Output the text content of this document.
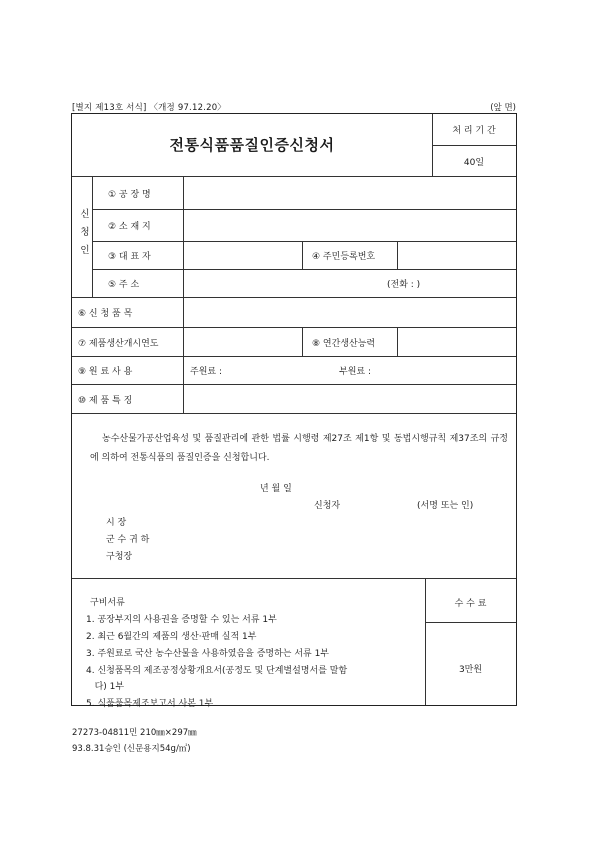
[별지 제13호 서식] 〈개정 97.12.20〉	(앞 면)
전통식품품질인증신청서
처 리 기 간
40일
신 청 인
① 공 장 명
② 소 재 지
③ 대 표 자	④ 주민등록번호
⑤ 주 소	(전화 : )
⑥ 신 청 품 목
⑦ 제품생산개시연도	⑧ 연간생산능력
⑨ 원 료 사 용	주원료 :	부원료 :
⑩ 제 품 특 징
농수산물가공산업육성 및 품질관리에 관한 법률 시행령 제27조 제1항 및 동법시행규칙 제37조의 규정에 의하여 전통식품의 품질인증을 신청합니다.
년 월 일
신청자	(서명 또는 인)
시 장
군 수 귀 하
구청장
구비서류
1. 공장부지의 사용권을 증명할 수 있는 서류 1부
2. 최근 6월간의 제품의 생산·판매 실적 1부
3. 주원료로 국산 농수산물을 사용하였음을 증명하는 서류 1부
4. 신청품목의 제조공정상황개요서(공정도 및 단계별설명서를 말함
다) 1부
5. 식품품목제조보고서 사본 1부
수 수 료
3만원
27273-04811민 210㎜×297㎜
93.8.31승인 (신문용지54g/㎡)
